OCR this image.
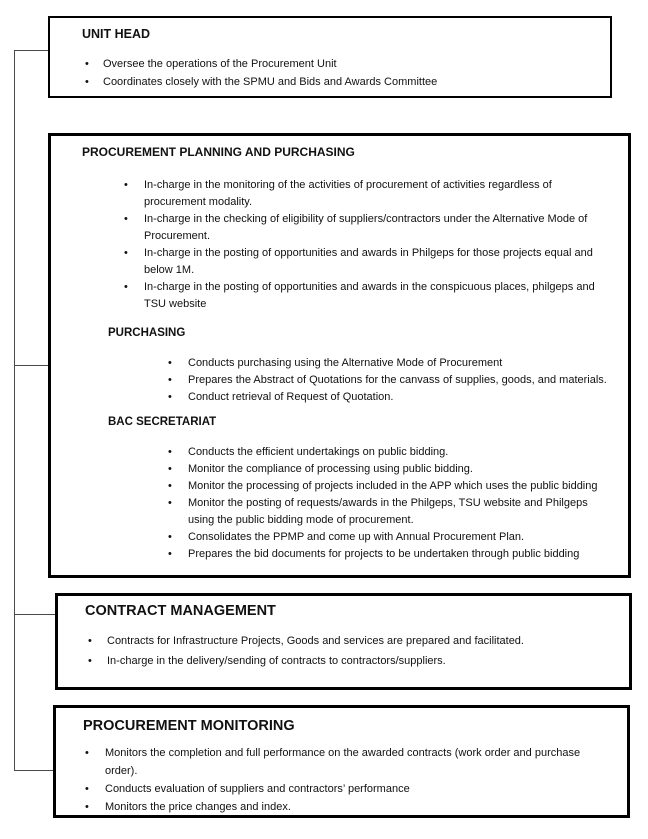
UNIT HEAD
•	Oversee the operations of the Procurement Unit
•	Coordinates closely with the SPMU and Bids and Awards Committee
PROCUREMENT PLANNING AND PURCHASING
•	In-charge in the monitoring of the activities of procurement of activities regardless of procurement modality.
•	In-charge in the checking of eligibility of suppliers/contractors under the Alternative Mode of Procurement.
•	In-charge in the posting of opportunities and awards in Philgeps for those projects equal and below 1M.
•	In-charge in the posting of opportunities and awards in the conspicuous places, philgeps and TSU website
PURCHASING
•	Conducts purchasing using the Alternative Mode of Procurement
•	Prepares the Abstract of Quotations for the canvass of supplies, goods, and materials.
•	Conduct retrieval of Request of Quotation.
BAC SECRETARIAT
•	Conducts the efficient undertakings on public bidding.
•	Monitor the compliance of processing using public bidding.
•	Monitor the processing of projects included in the APP which uses the public bidding
•	Monitor the posting of requests/awards in the Philgeps, TSU website and Philgeps using the public bidding mode of procurement.
•	Consolidates the PPMP and come up with Annual Procurement Plan.
•	Prepares the bid documents for projects to be undertaken through public bidding
CONTRACT MANAGEMENT
•	Contracts for Infrastructure Projects, Goods and services are prepared and facilitated.
•	In-charge in the delivery/sending of contracts to contractors/suppliers.
PROCUREMENT MONITORING
•	Monitors the completion and full performance on the awarded contracts (work order and purchase order).
•	Conducts evaluation of suppliers and contractors’ performance
•	Monitors the price changes and index.
